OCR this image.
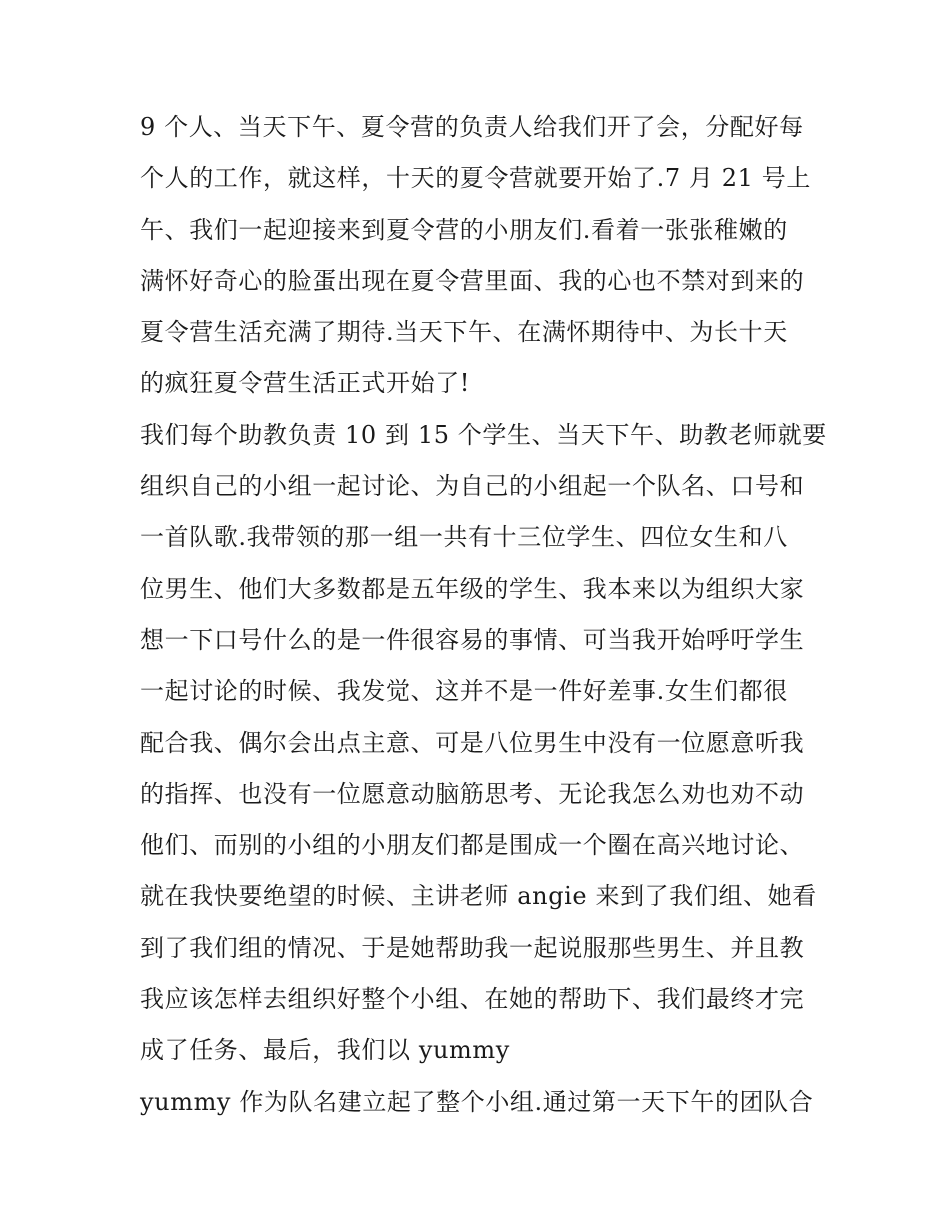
9 个人、当天下午、夏令营的负责人给我们开了会，分配好每
个人的工作，就这样，十天的夏令营就要开始了.7 月 21 号上
午、我们一起迎接来到夏令营的小朋友们.看着一张张稚嫩的
满怀好奇心的脸蛋出现在夏令营里面、我的心也不禁对到来的
夏令营生活充满了期待.当天下午、在满怀期待中、为长十天
的疯狂夏令营生活正式开始了!
我们每个助教负责 10 到 15 个学生、当天下午、助教老师就要
组织自己的小组一起讨论、为自己的小组起一个队名、口号和
一首队歌.我带领的那一组一共有十三位学生、四位女生和八
位男生、他们大多数都是五年级的学生、我本来以为组织大家
想一下口号什么的是一件很容易的事情、可当我开始呼吁学生
一起讨论的时候、我发觉、这并不是一件好差事.女生们都很
配合我、偶尔会出点主意、可是八位男生中没有一位愿意听我
的指挥、也没有一位愿意动脑筋思考、无论我怎么劝也劝不动
他们、而别的小组的小朋友们都是围成一个圈在高兴地讨论、
就在我快要绝望的时候、主讲老师 angie 来到了我们组、她看
到了我们组的情况、于是她帮助我一起说服那些男生、并且教
我应该怎样去组织好整个小组、在她的帮助下、我们最终才完
成了任务、最后，我们以 yummy
yummy 作为队名建立起了整个小组.通过第一天下午的团队合
